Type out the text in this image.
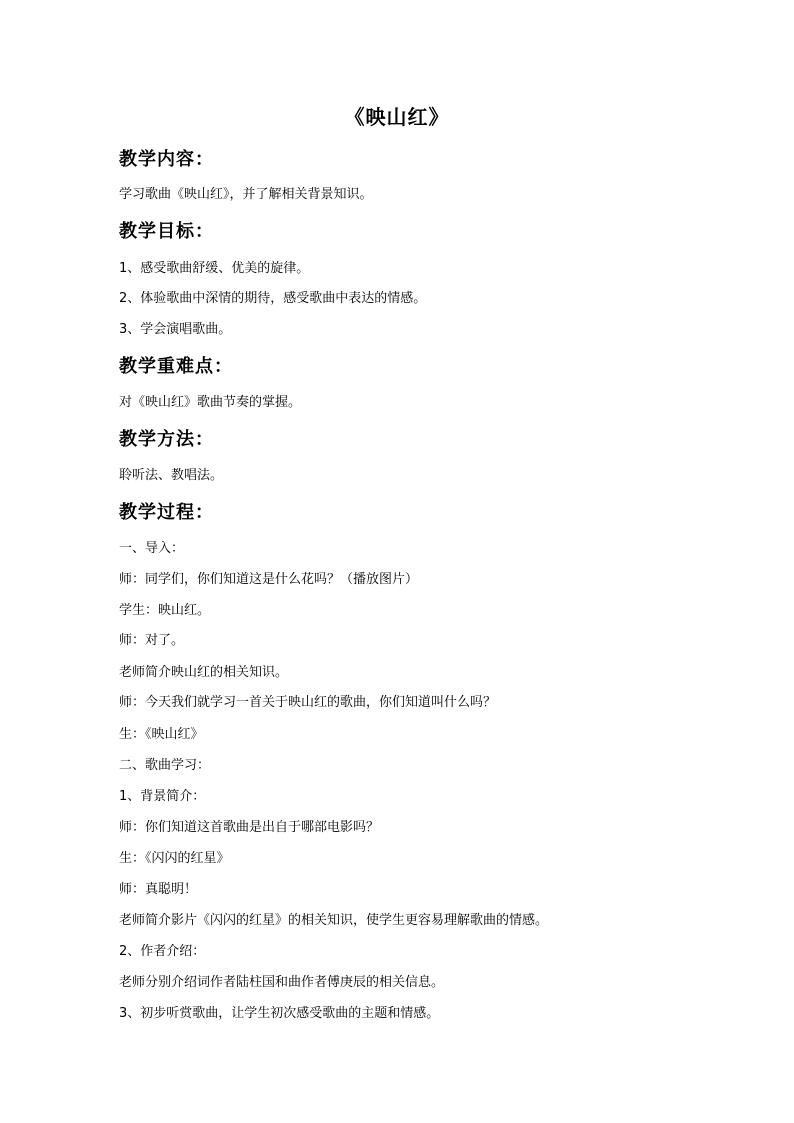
《映山红》
教学内容：
学习歌曲《映山红》，并了解相关背景知识。
教学目标：
1、感受歌曲舒缓、优美的旋律。
2、体验歌曲中深情的期待，感受歌曲中表达的情感。
3、学会演唱歌曲。
教学重难点：
对《映山红》歌曲节奏的掌握。
教学方法：
聆听法、教唱法。
教学过程：
一、导入：
师：同学们，你们知道这是什么花吗？（播放图片）
学生：映山红。
师：对了。
老师简介映山红的相关知识。
师：今天我们就学习一首关于映山红的歌曲，你们知道叫什么吗？
生：《映山红》
二、歌曲学习：
1、背景简介：
师：你们知道这首歌曲是出自于哪部电影吗？
生：《闪闪的红星》
师：真聪明！
老师简介影片《闪闪的红星》的相关知识，使学生更容易理解歌曲的情感。
2、作者介绍：
老师分别介绍词作者陆柱国和曲作者傅庚辰的相关信息。
3、初步听赏歌曲，让学生初次感受歌曲的主题和情感。
